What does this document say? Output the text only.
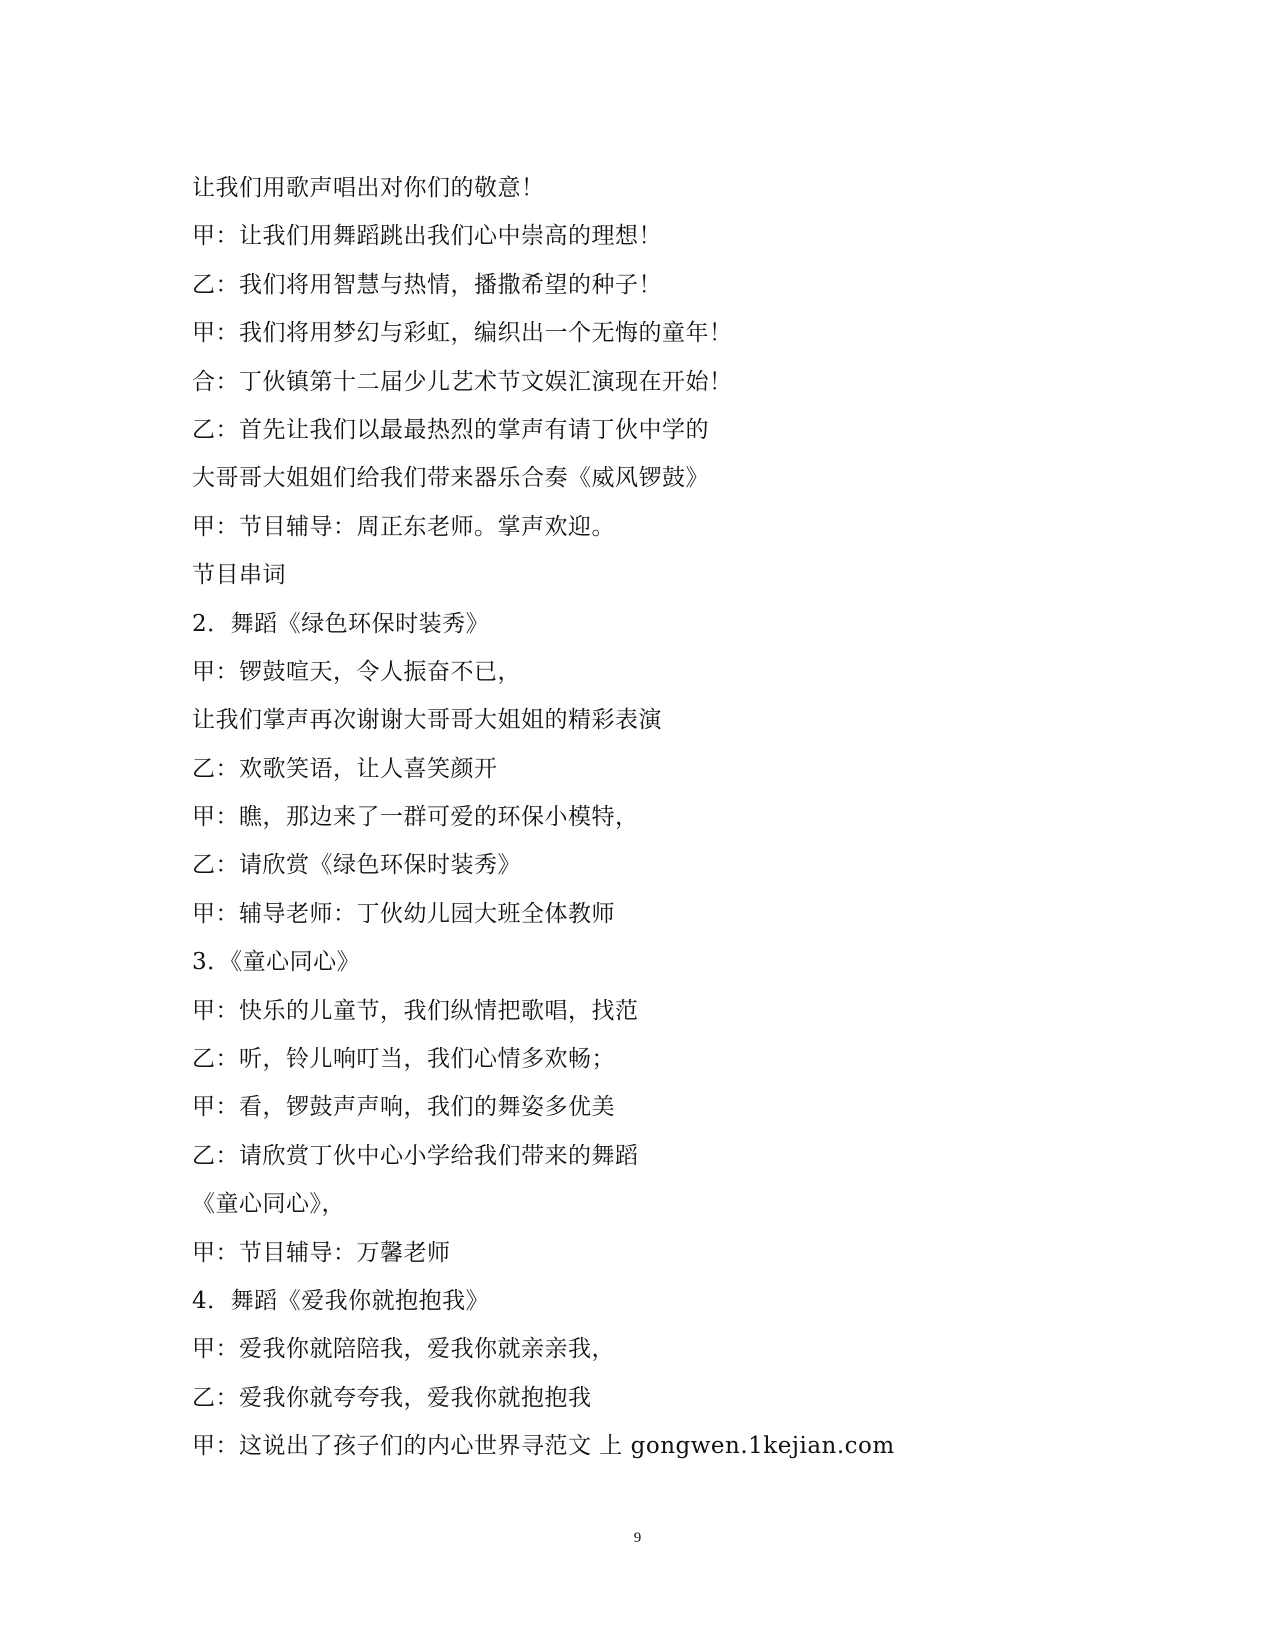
让我们用歌声唱出对你们的敬意！
甲：让我们用舞蹈跳出我们心中崇高的理想！
乙：我们将用智慧与热情，播撒希望的种子！
甲：我们将用梦幻与彩虹，编织出一个无悔的童年！
合：丁伙镇第十二届少儿艺术节文娱汇演现在开始！
乙：首先让我们以最最热烈的掌声有请丁伙中学的
大哥哥大姐姐们给我们带来器乐合奏《威风锣鼓》
甲：节目辅导：周正东老师。掌声欢迎。
节目串词
2．舞蹈《绿色环保时装秀》
甲：锣鼓喧天，令人振奋不已，
让我们掌声再次谢谢大哥哥大姐姐的精彩表演
乙：欢歌笑语，让人喜笑颜开
甲：瞧，那边来了一群可爱的环保小模特，
乙：请欣赏《绿色环保时装秀》
甲：辅导老师：丁伙幼儿园大班全体教师
3．《童心同心》
甲：快乐的儿童节，我们纵情把歌唱，找范
乙：听，铃儿响叮当，我们心情多欢畅；
甲：看，锣鼓声声响，我们的舞姿多优美
乙：请欣赏丁伙中心小学给我们带来的舞蹈
《童心同心》，
甲：节目辅导：万馨老师
4．舞蹈《爱我你就抱抱我》
甲：爱我你就陪陪我，爱我你就亲亲我，
乙：爱我你就夸夸我，爱我你就抱抱我
甲：这说出了孩子们的内心世界寻范文 上 gongwen.1kejian.com
9
